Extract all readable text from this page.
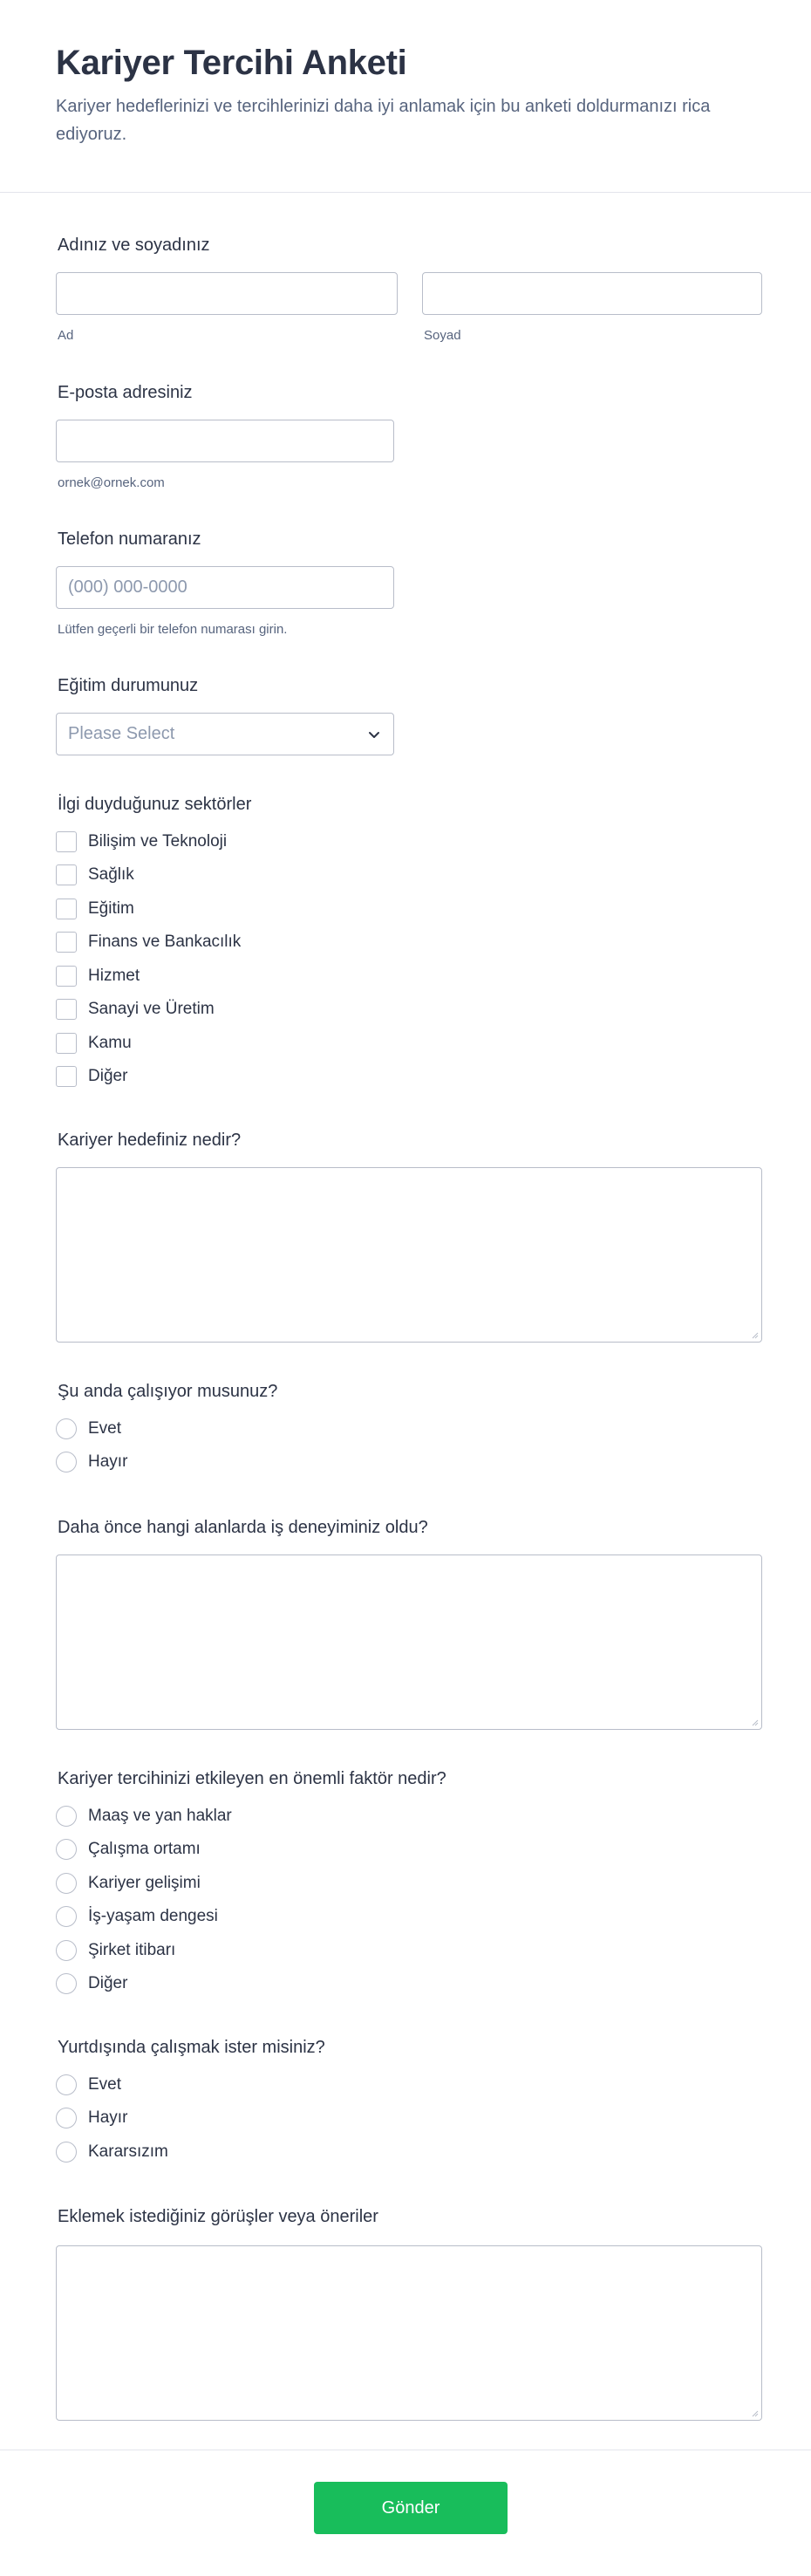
Kariyer Tercihi Anketi

Kariyer hedeflerinizi ve tercihlerinizi daha iyi anlamak için bu anketi doldurmanızı rica ediyoruz.

Adınız ve soyadınız
Ad	Soyad
E-posta adresiniz
ornek@ornek.com
Telefon numaranız
(000) 000-0000
Lütfen geçerli bir telefon numarası girin.
Eğitim durumunuz
Please Select
İlgi duyduğunuz sektörler
Bilişim ve Teknoloji
Sağlık
Eğitim
Finans ve Bankacılık
Hizmet
Sanayi ve Üretim
Kamu
Diğer
Kariyer hedefiniz nedir?
Şu anda çalışıyor musunuz?
Evet
Hayır
Daha önce hangi alanlarda iş deneyiminiz oldu?
Kariyer tercihinizi etkileyen en önemli faktör nedir?
Maaş ve yan haklar
Çalışma ortamı
Kariyer gelişimi
İş-yaşam dengesi
Şirket itibarı
Diğer
Yurtdışında çalışmak ister misiniz?
Evet
Hayır
Kararsızım
Eklemek istediğiniz görüşler veya öneriler
Gönder
